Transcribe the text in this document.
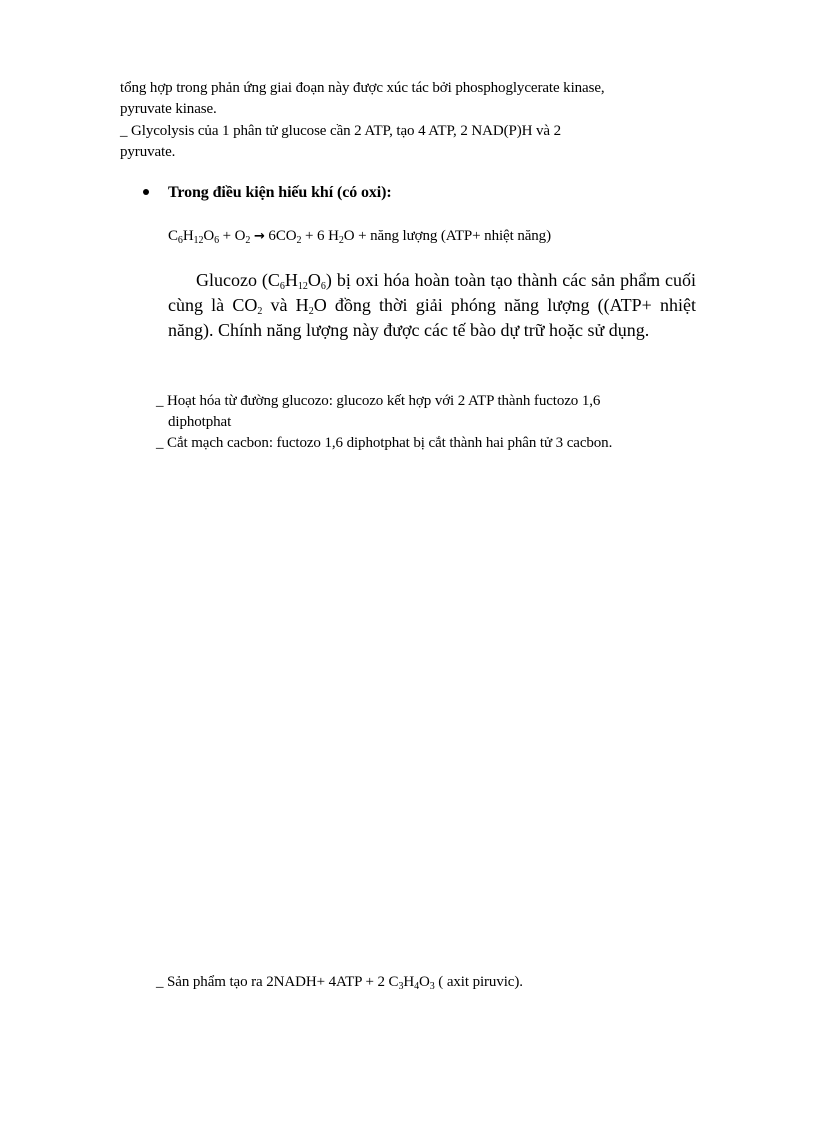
tổng hợp trong phản ứng giai đoạn này được xúc tác bởi phosphoglycerate kinase,
pyruvate kinase.
_ Glycolysis của 1 phân tử glucose cần 2 ATP, tạo 4 ATP, 2 NAD(P)H và 2
pyruvate.
Trong điều kiện hiếu khí (có oxi):
$C_6H_{12}O_6 + O_2 \to 6CO_2 + 6$ $H_2O$ + năng lượng (ATP+ nhiệt năng)
Glucozo $(C_6H_{12}O_6)$ bị oxi hóa hoàn toàn tạo thành các sản phẩm cuối cùng là $CO_2$ và $H_2O$ đồng thời giải phóng năng lượng ((ATP+ nhiệt năng). Chính năng lượng này được các tế bào dự trữ hoặc sử dụng.
_ Hoạt hóa từ đường glucozo: glucozo kết hợp với 2 ATP thành fuctozo 1,6
diphotphat
_ Cắt mạch cacbon: fuctozo 1,6 diphotphat bị cắt thành hai phân tử 3 cacbon.
_ Sản phẩm tạo ra 2NADH+ 4ATP + 2 $C_3H_4O_3$ ( axit piruvic).
